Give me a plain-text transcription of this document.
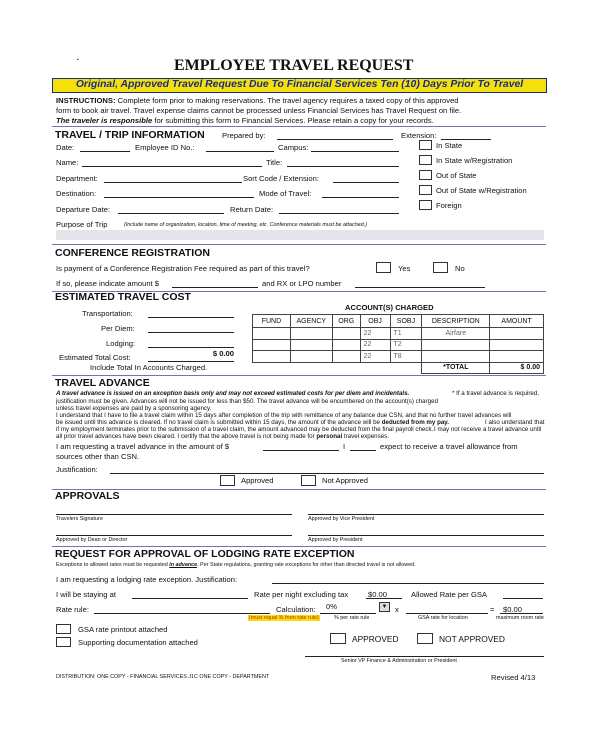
▪	EMPLOYEE TRAVEL REQUEST
Original, Approved Travel Request Due To Financial Services Ten (10) Days Prior To Travel
INSTRUCTIONS: Complete form prior to making reservations. The travel agency requires a taxed copy of this approved
form to book air travel. Travel expense claims cannot be processed unless Financial Services has Travel Request on file.
The traveler is responsible for submitting this form to Financial Services. Please retain a copy for your records.
TRAVEL / TRIP INFORMATION Prepared by:	Extension:
Date:	Employee ID No.:	Campus:
Name:	Title:
Department:	Sort Code / Extension:
Destination:	Mode of Travel:
Departure Date:	Return Date:
In State
In State w/Registration
Out of State
Out of State w/Registration
Foreign
Purpose of Trip	(Include name of organization, location, time of meeting, etc. Conference materials must be attached.)
CONFERENCE REGISTRATION
Is payment of a Conference Registration Fee required as part of this travel?	Yes	No
If so, please indicate amount $	and RX or LPO number
ESTIMATED TRAVEL COST
Transportation:
Per Diem:
Lodging:
Estimated Total Cost:	$ 0.00
Include Total In Accounts Charged.
ACCOUNT(S) CHARGED
FUND	AGENCY	ORG	OBJ	SOBJ	DESCRIPTION	AMOUNT
			22	T1	Airfare	
			22	T2		
			22	T8		
					*TOTAL	$ 0.00
TRAVEL ADVANCE
A travel advance is issued on an exception basis only and may not exceed estimated costs for per diem and incidentals.	* If a travel advance is required,
justification must be given. Advances will not be issued for less than $50. The travel advance will be encumbered on the account(s) charged
unless travel expenses are paid by a sponsoring agency.
I understand that I have to file a travel claim within 15 days after completion of the trip with remittance of any balance due CSN, and that no further travel advances will
be issued until this advance is cleared. If no travel claim is submitted within 15 days, the amount of the advance will be deducted from my pay.	I also understand that
if my employment terminates prior to the submission of a travel claim, the amount advanced may be deducted from the final payroll check. I may not receive a travel advance until
all prior travel advances have been cleared. I certify that the above travel is not being made for personal travel expenses.
I am requesting a travel advance in the amount of $	I	expect to receive a travel allowance from
sources other than CSN.
Justification:
Approved	Not Approved
APPROVALS
Travelers Signature	Approved by Vice President
Approved by Dean or Director	Approved by President
REQUEST FOR APPROVAL OF LODGING RATE EXCEPTION
Exceptions to allowed rates must be requested in advance. Per State regulations, granting rate exceptions for other than directed travel is not allowed.
I am requesting a lodging rate exception. Justification:
I will be staying at	Rate per night excluding tax	$0.00	Allowed Rate per GSA
Rate rule:	Calculation: 0%	▼ x	= $0.00
(must equal % from rate rule)	% per rate rule	GSA rate for location	maximum room rate
GSA rate printout attached
Supporting documentation attached	APPROVED	NOT APPROVED
Senior VP Finance & Administration or President
DISTRIBUTION: ONE COPY - FINANCIAL SERVICES J1C ONE COPY - DEPARTMENT	Revised 4/13
